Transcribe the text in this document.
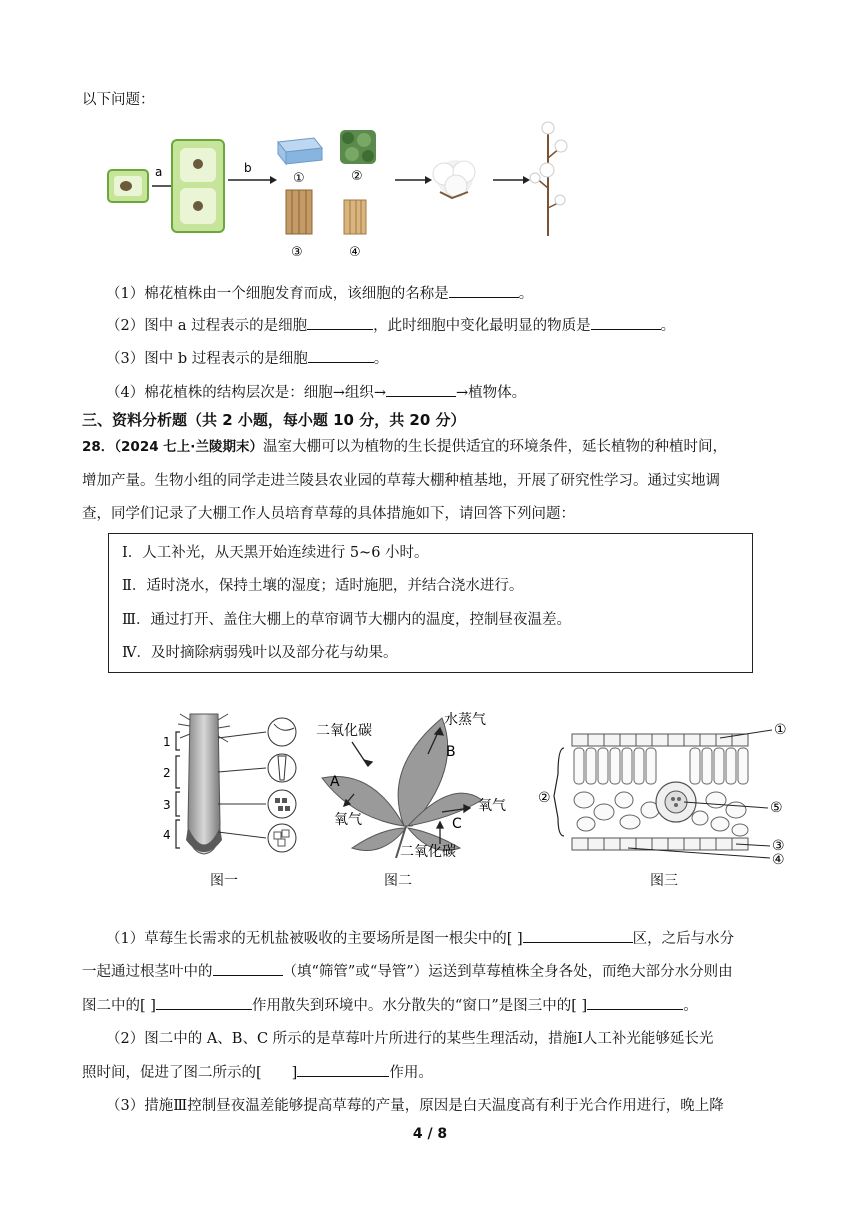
以下问题：
a	b
①	②
③	④
（1）棉花植株由一个细胞发育而成，该细胞的名称是	。
（2）图中 a 过程表示的是细胞	，此时细胞中变化最明显的物质是	。
（3）图中 b 过程表示的是细胞	。
（4）棉花植株的结构层次是：细胞→组织→	→植物体。
三、资料分析题（共 2 小题，每小题 10 分，共 20 分）
28．（2024 七上·兰陵期末）温室大棚可以为植物的生长提供适宜的环境条件，延长植物的种植时间，
增加产量。生物小组的同学走进兰陵县农业园的草莓大棚种植基地，开展了研究性学习。通过实地调
查，同学们记录了大棚工作人员培育草莓的具体措施如下，请回答下列问题：
Ⅰ．人工补光，从天黑开始连续进行 5~6 小时。
Ⅱ．适时浇水，保持土壤的湿度；适时施肥，并结合浇水进行。
Ⅲ．通过打开、盖住大棚上的草帘调节大棚内的温度，控制昼夜温差。
Ⅳ．及时摘除病弱残叶以及部分花与幼果。
1
2
3
4
图一
二氧化碳
水蒸气
B
A
氧气
氧气
C
二氧化碳
图二
①
②
⑤
③
④
图三
（1）草莓生长需求的无机盐被吸收的主要场所是图一根尖中的[ ]	区，之后与水分
一起通过根茎叶中的	（填“筛管”或“导管”）运送到草莓植株全身各处，而绝大部分水分则由
图二中的[ ]	作用散失到环境中。水分散失的“窗口”是图三中的[ ]	。
（2）图二中的 A、B、C 所示的是草莓叶片所进行的某些生理活动，措施Ⅰ人工补光能够延长光
照时间，促进了图二所示的[ ]	作用。
（3）措施Ⅲ控制昼夜温差能够提高草莓的产量，原因是白天温度高有利于光合作用进行，晚上降
4 / 8
